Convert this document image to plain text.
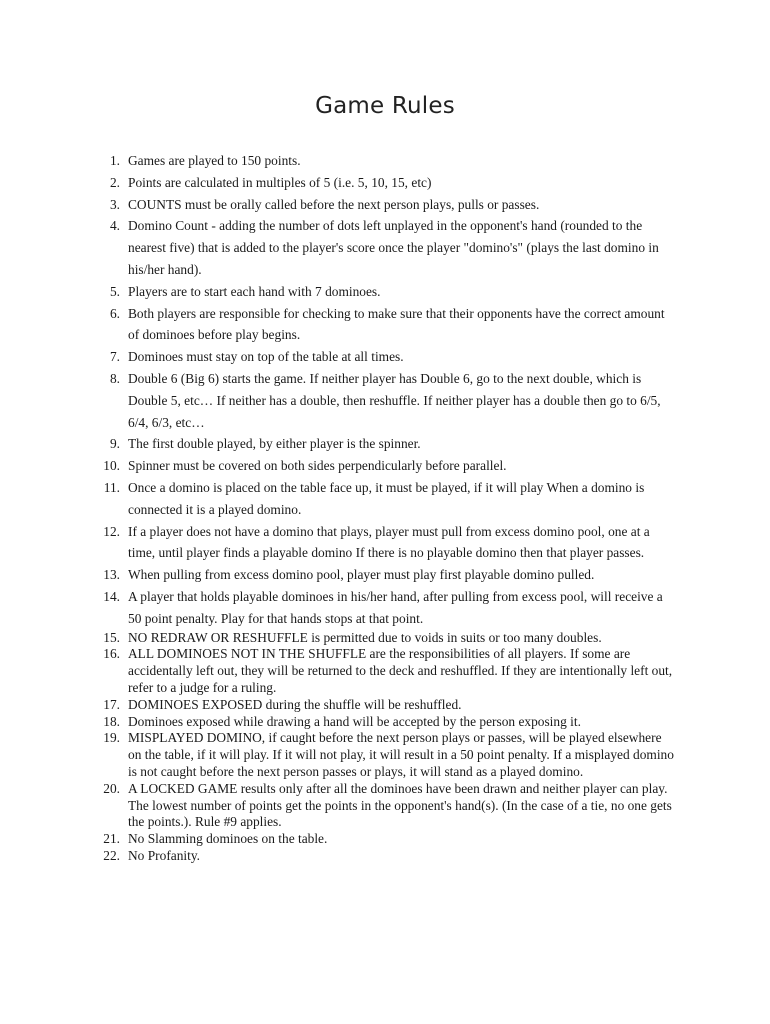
Game Rules
1. Games are played to 150 points.
2. Points are calculated in multiples of 5 (i.e. 5, 10, 15, etc)
3. COUNTS must be orally called before the next person plays, pulls or passes.
4. Domino Count - adding the number of dots left unplayed in the opponent's hand (rounded to the nearest five) that is added to the player's score once the player "domino's" (plays the last domino in his/her hand).
5. Players are to start each hand with 7 dominoes.
6. Both players are responsible for checking to make sure that their opponents have the correct amount of dominoes before play begins.
7. Dominoes must stay on top of the table at all times.
8. Double 6 (Big 6) starts the game. If neither player has Double 6, go to the next double, which is Double 5, etc… If neither has a double, then reshuffle. If neither player has a double then go to 6/5, 6/4, 6/3, etc…
9. The first double played, by either player is the spinner.
10. Spinner must be covered on both sides perpendicularly before parallel.
11. Once a domino is placed on the table face up, it must be played, if it will play When a domino is connected it is a played domino.
12. If a player does not have a domino that plays, player must pull from excess domino pool, one at a time, until player finds a playable domino If there is no playable domino then that player passes.
13. When pulling from excess domino pool, player must play first playable domino pulled.
14. A player that holds playable dominoes in his/her hand, after pulling from excess pool, will receive a 50 point penalty. Play for that hands stops at that point.
15. NO REDRAW OR RESHUFFLE is permitted due to voids in suits or too many doubles.
16. ALL DOMINOES NOT IN THE SHUFFLE are the responsibilities of all players. If some are accidentally left out, they will be returned to the deck and reshuffled. If they are intentionally left out, refer to a judge for a ruling.
17. DOMINOES EXPOSED during the shuffle will be reshuffled.
18. Dominoes exposed while drawing a hand will be accepted by the person exposing it.
19. MISPLAYED DOMINO, if caught before the next person plays or passes, will be played elsewhere on the table, if it will play. If it will not play, it will result in a 50 point penalty. If a misplayed domino is not caught before the next person passes or plays, it will stand as a played domino.
20. A LOCKED GAME results only after all the dominoes have been drawn and neither player can play. The lowest number of points get the points in the opponent's hand(s). (In the case of a tie, no one gets the points.). Rule #9 applies.
21. No Slamming dominoes on the table.
22. No Profanity.
